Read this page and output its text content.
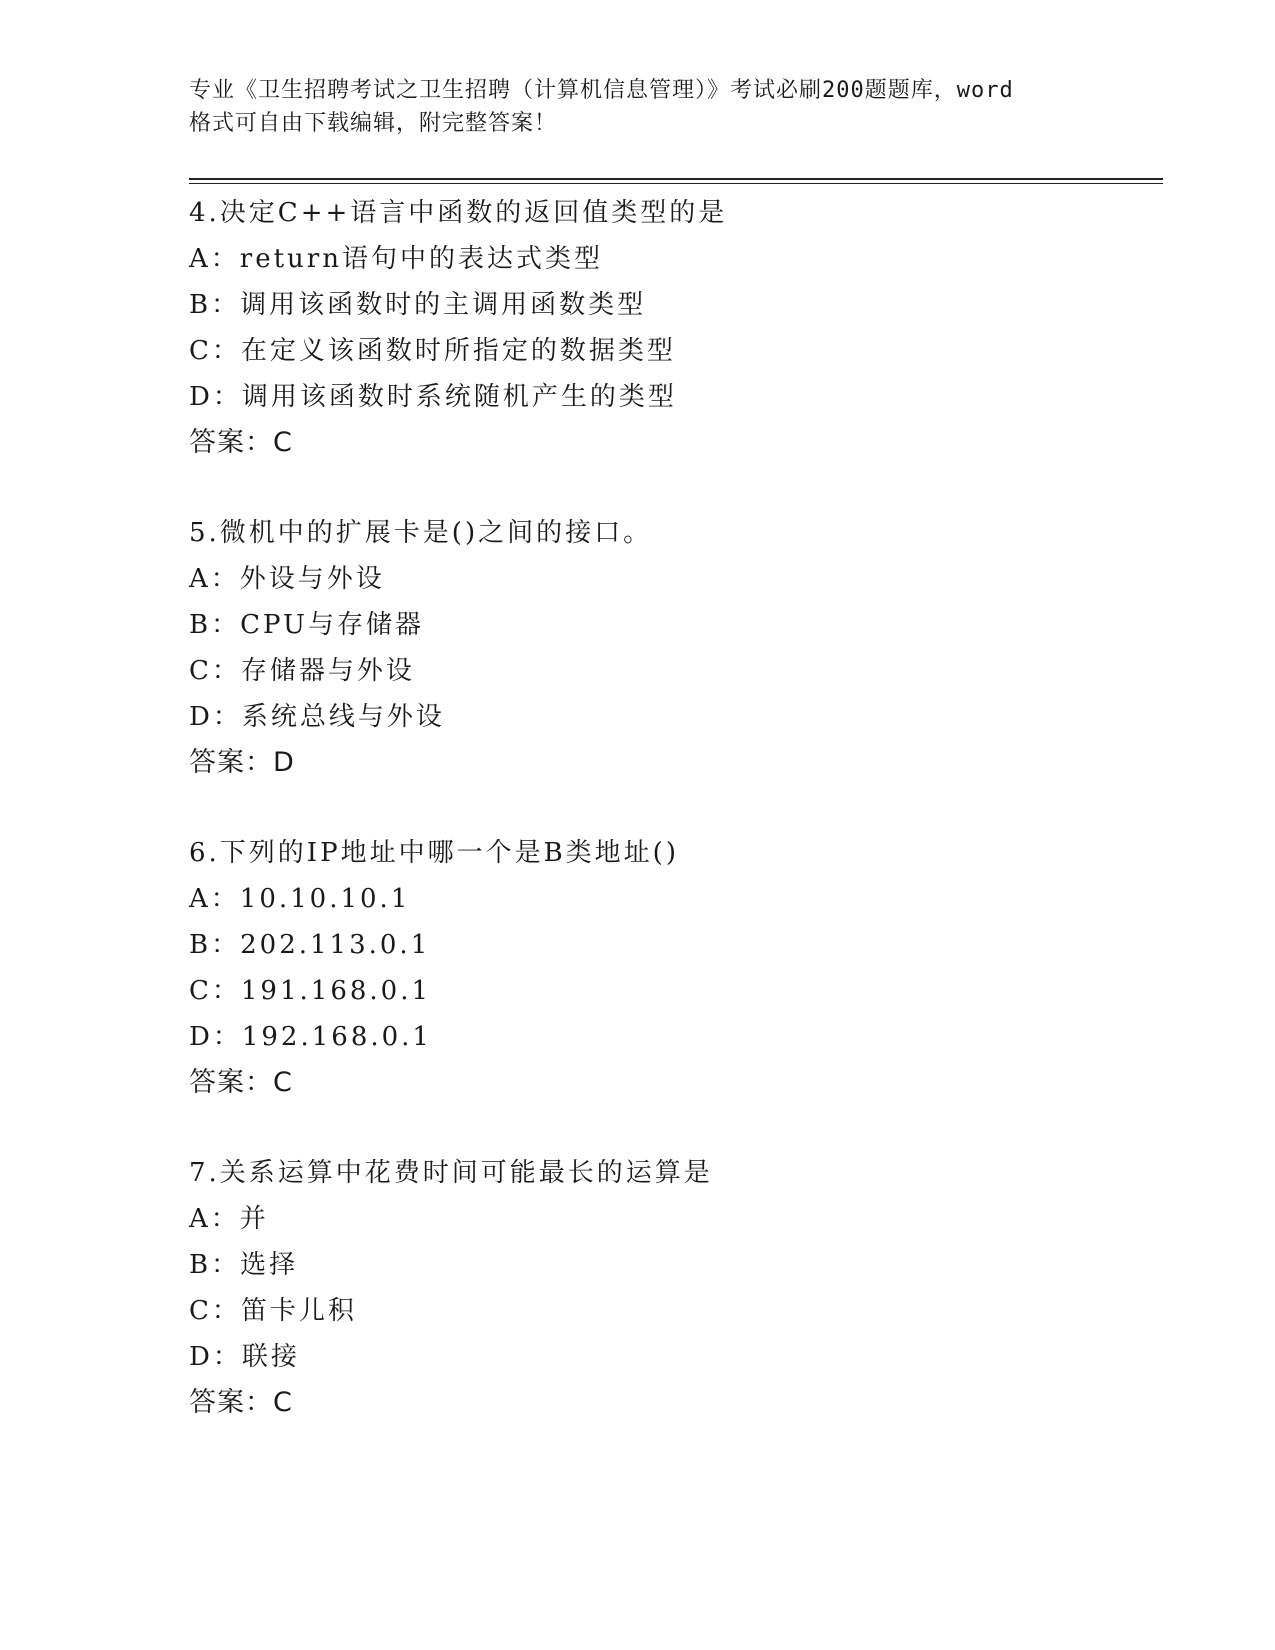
专业《卫生招聘考试之卫生招聘（计算机信息管理）》考试必刷200题题库，word
格式可自由下载编辑，附完整答案！
4.决定C++语言中函数的返回值类型的是
A：return语句中的表达式类型
B：调用该函数时的主调用函数类型
C：在定义该函数时所指定的数据类型
D：调用该函数时系统随机产生的类型
答案：C
5.微机中的扩展卡是()之间的接口。
A：外设与外设
B：CPU与存储器
C：存储器与外设
D：系统总线与外设
答案：D
6.下列的IP地址中哪一个是B类地址()
A：10.10.10.1
B：202.113.0.1
C：191.168.0.1
D：192.168.0.1
答案：C
7.关系运算中花费时间可能最长的运算是
A：并
B：选择
C：笛卡儿积
D：联接
答案：C
